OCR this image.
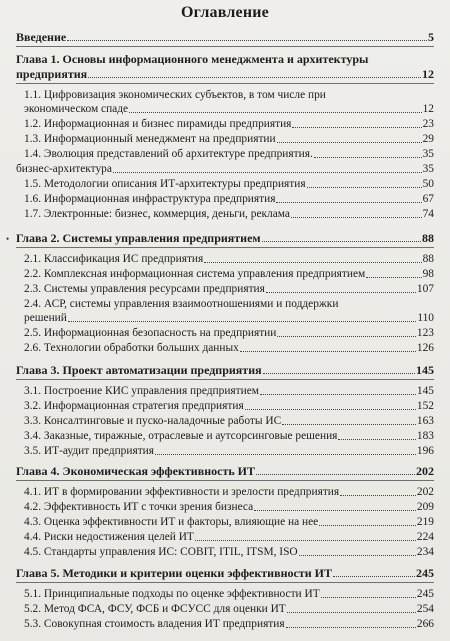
Оглавление
Введение	5
Глава 1. Основы информационного менеджмента и архитектуры
предприятия	12
1.1. Цифровизация экономических субъектов, в том числе при
экономическом спаде	12
1.2. Информационная и бизнес пирамиды предприятия	23
1.3. Информационный менеджмент на предприятии	29
1.4. Эволюция представлений об архитектуре предприятия.	35
бизнес-архитектура	35
1.5. Методологии описания ИТ-архитектуры предприятия	50
1.6. Информационная инфраструктура предприятия	67
1.7. Электронные: бизнес, коммерция, деньги, реклама	74
• Глава 2. Системы управления предприятием	88
2.1. Классификация ИС предприятия	88
2.2. Комплексная информационная система управления предприятием	98
2.3. Системы управления ресурсами предприятия	107
2.4. АСР, системы управления взаимоотношениями и поддержки
решений	110
2.5. Информационная безопасность на предприятии	123
2.6. Технологии обработки больших данных	126
Глава 3. Проект автоматизации предприятия	145
3.1. Построение КИС управления предприятием	145
3.2. Информационная стратегия предприятия	152
3.3. Консалтинговые и пуско-наладочные работы ИС	163
3.4. Заказные, тиражные, отраслевые и аутсорсинговые решения	183
3.5. ИТ-аудит предприятия	196
Глава 4. Экономическая эффективность ИТ	202
4.1. ИТ в формировании эффективности и зрелости предприятия	202
4.2. Эффективность ИТ с точки зрения бизнеса	209
4.3. Оценка эффективности ИТ и факторы, влияющие на нее	219
4.4. Риски недостижения целей ИТ	224
4.5. Стандарты управления ИС: COBIT, ITIL, ITSM, ISO	234
Глава 5. Методики и критерии оценки эффективности ИТ	245
5.1. Принципиальные подходы по оценке эффективности ИТ	245
5.2. Метод ФСА, ФСУ, ФСБ и ФСУСС для оценки ИТ	254
5.3. Совокупная стоимость владения ИТ предприятия	266
